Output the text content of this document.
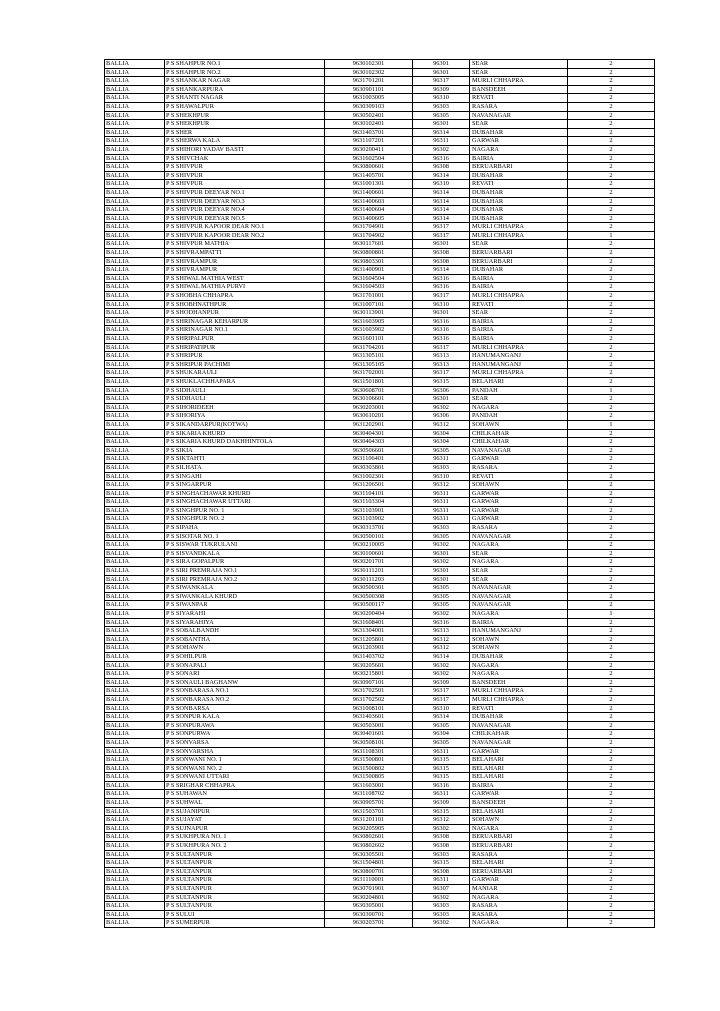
BALLIA	P S SHAHPUR NO.1	9630102301	96301	SEAR	2
BALLIA	P S SHAHPUR NO.2	9630102302	96301	SEAR	2
BALLIA	P S SHANKAR NAGAR	9631701201	96317	MURLI CHHAPRA	2
BALLIA	P S SHANKARPURA	9630901101	96309	BANSDEEH	2
BALLIA	P S SHANTI NAGAR	9631003005	96310	REVATI	2
BALLIA	P S SHAWALPUR	9630309103	96303	RASARA	2
BALLIA	P S SHEKHPUR	9630502401	96305	NAVANAGAR	2
BALLIA	P S SHEKHPUR	9630102401	96301	SEAR	2
BALLIA	P S SHER	9631403701	96314	DUBAHAR	2
BALLIA	P S SHERWA KALA	9631107201	96311	GARWAR	2
BALLIA	P S SHIHORI YADAV BASTI	9630200411	96302	NAGARA	2
BALLIA	P S SHIVCHAK	9631602504	96316	BAIRIA	2
BALLIA	P S SHIVPUR	9630800601	96308	BERUARBARI	2
BALLIA	P S SHIVPUR	9631405701	96314	DUBAHAR	2
BALLIA	P S SHIVPUR	9631001301	96310	REVATI	2
BALLIA	P S SHIVPUR DEEYAR NO.1	9631400601	96314	DUBAHAR	2
BALLIA	P S SHIVPUR DEEYAR NO.3	9631400603	96314	DUBAHAR	2
BALLIA	P S SHIVPUR DEEYAR NO.4	9631400604	96314	DUBAHAR	2
BALLIA	P S SHIVPUR DEEYAR NO.5	9631400605	96314	DUBAHAR	2
BALLIA	P S SHIVPUR KAPOOR DEAR NO.1	9631704901	96317	MURLI CHHAPRA	2
BALLIA	P S SHIVPUR KAPOOR DEAR NO.2	9631704902	96317	MURLI CHHAPRA	1
BALLIA	P S SHIVPUR MATHIA	9630117601	96301	SEAR	2
BALLIA	P S SHIVRAMPATTI	9630800801	96308	BERUARBARI	2
BALLIA	P S SHIVRAMPUR	9630803301	96308	BERUARBARI	2
BALLIA	P S SHIVRAMPUR	9631400901	96314	DUBAHAR	2
BALLIA	P S SHIWAL MATHIA WEST	9631604504	96316	BAIRIA	2
BALLIA	P S SHIWAL MATHIA PURVI	9631604503	96316	BAIRIA	2
BALLIA	P S SHOBHA CHHAPRA	9631701001	96317	MURLI CHHAPRA	2
BALLIA	P S SHOBHNATHPUR	9631007101	96310	REVATI	2
BALLIA	P S SHODHANPUR	9630113901	96301	SEAR	2
BALLIA	P S SHRINAGAR KEHARPUR	9631603905	96316	BAIRIA	2
BALLIA	P S SHRINAGAR NO.1	9631603902	96316	BAIRIA	2
BALLIA	P S SHRIPALPUR	9631601101	96316	BAIRIA	2
BALLIA	P S SHRIPATIPUR	9631704201	96317	MURLI CHHAPRA	2
BALLIA	P S SHRIPUR	9631305101	96313	HANUMANGANJ	2
BALLIA	P S SHRIPUR PACHIMI	9631305105	96313	HANUMANGANJ	2
BALLIA	P S SHUKARAULI	9631702001	96317	MURLI CHHAPRA	2
BALLIA	P S SHUKLACHHAPARA	9631501801	96315	BELAHARI	2
BALLIA	P S SIDHAULI	9630608701	96306	PANDAH	1
BALLIA	P S SIDHAULI	9630106601	96301	SEAR	2
BALLIA	P S SIHORIDEEH	9630203001	96302	NAGARA	2
BALLIA	P S SIHORIYA	9630610201	96306	PANDAH	2
BALLIA	P S SIKANDARPUR(KOTWA)	9631202901	96312	SOHAWN	1
BALLIA	P S SIKARIA KHURD	9630404301	96304	CHILKAHAR	2
BALLIA	P S SIKARIA KHURD DAKHHINTOLA	9630404303	96304	CHILKAHAR	2
BALLIA	P S SIKIA	9630506601	96305	NAVANAGAR	2
BALLIA	P S SIKTAHTI	9631106401	96311	GARWAR	2
BALLIA	P S SILHATA	9630303801	96303	RASARA	2
BALLIA	P S SINGAHI	9631002301	96310	REVATI	2
BALLIA	P S SINGARPUR	9631206501	96312	SOHAWN	2
BALLIA	P S SINGHACHAWAR KHURD	9631104101	96311	GARWAR	2
BALLIA	P S SINGHACHAWAR UTTARI	9631103304	96311	GARWAR	2
BALLIA	P S SINGHPUR NO. 1	9631103901	96311	GARWAR	2
BALLIA	P S SINGHPUR NO. 2	9631103902	96311	GARWAR	2
BALLIA	P S SIPAHA	9630313701	96303	RASARA	2
BALLIA	P S SISOTAR NO. 1	9630500101	96305	NAVANAGAR	2
BALLIA	P S SISWAR TUKRULANI	9630210005	96302	NAGARA	2
BALLIA	P S SISVANDKALA	9630100601	96301	SEAR	2
BALLIA	P S SIRA GOPALPUR	9630201701	96302	NAGARA	2
BALLIA	P S SIRI PREMRAJA NO.1	9630111201	96301	SEAR	2
BALLIA	P S SIRI PREMRAJA NO.2	9630111203	96301	SEAR	2
BALLIA	P S SIWANKALA	9630500301	96305	NAVANAGAR	2
BALLIA	P S SIWANKALA KHURD	9630500308	96305	NAVANAGAR	2
BALLIA	P S SIWANPAR	9630500117	96305	NAVANAGAR	2
BALLIA	P S SIYARAHI	9630200404	96302	NAGARA	1
BALLIA	P S SIYARAHIYA	9631608401	96316	BAIRIA	2
BALLIA	P S SOBALBANDH	9631304001	96313	HANUMANGANJ	2
BALLIA	P S SOBANTHA	9631205801	96312	SOHAWN	2
BALLIA	P S SOHAWN	9631203901	96312	SOHAWN	2
BALLIA	P S SOHILPUR	9631403702	96314	DUBAHAR	2
BALLIA	P S SONAPALI	9630205601	96302	NAGARA	2
BALLIA	P S SONARI	9630215801	96302	NAGARA	2
BALLIA	P S SONAULI BAGHANW	9630907101	96309	BANSDEEH	2
BALLIA	P S SONBARASA NO.1	9631702501	96317	MURLI CHHAPRA	2
BALLIA	P S SONBARASA NO.2	9631702502	96317	MURLI CHHAPRA	2
BALLIA	P S SONBARSA	9631008101	96310	REVATI	2
BALLIA	P S SONPUR KALA	9631403601	96314	DUBAHAR	2
BALLIA	P S SONPURAWA	9630503001	96305	NAVANAGAR	2
BALLIA	P S SONPURWA	9630401601	96304	CHILKAHAR	2
BALLIA	P S SONVARSA	9630508101	96305	NAVANAGAR	2
BALLIA	P S SONVARSHA	9631108301	96311	GARWAR	2
BALLIA	P S SONWANI NO. 1	9631500801	96315	BELAHARI	2
BALLIA	P S SONWANI NO. 2	9631500802	96315	BELAHARI	2
BALLIA	P S SONWANI UTTARI	9631500805	96315	BELAHARI	2
BALLIA	P S SRIGHAR CHHAPRA	9631603001	96316	BAIRIA	2
BALLIA	P S SUHAWAN	9631108702	96311	GARWAR	2
BALLIA	P S SUHWAL	9630905701	96309	BANSDEEH	2
BALLIA	P S SUJANIPUR	9631503701	96315	BELAHARI	2
BALLIA	P S SUJAYAT	9631201101	96312	SOHAWN	2
BALLIA	P S SUJNAPUR	9630205905	96302	NAGARA	2
BALLIA	P S SUKHPURA NO. 1	9630802601	96308	BERUARBARI	2
BALLIA	P S SUKHPURA NO. 2	9630802602	96308	BERUARBARI	2
BALLIA	P S SULTANPUR	9630305501	96303	RASARA	2
BALLIA	P S SULTANPUR	9631504801	96315	BELAHARI	2
BALLIA	P S SULTANPUR	9630800701	96308	BERUARBARI	2
BALLIA	P S SULTANPUR	9631110001	96311	GARWAR	2
BALLIA	P S SULTANPUR	9630701901	96307	MANIAR	2
BALLIA	P S SULTANPUR	9630204801	96302	NAGARA	2
BALLIA	P S SULTANPUR	9630305001	96303	RASARA	2
BALLIA	P S SULUI	9630300701	96303	RASARA	2
BALLIA	P S SUMERPUR	9630203701	96302	NAGARA	2
